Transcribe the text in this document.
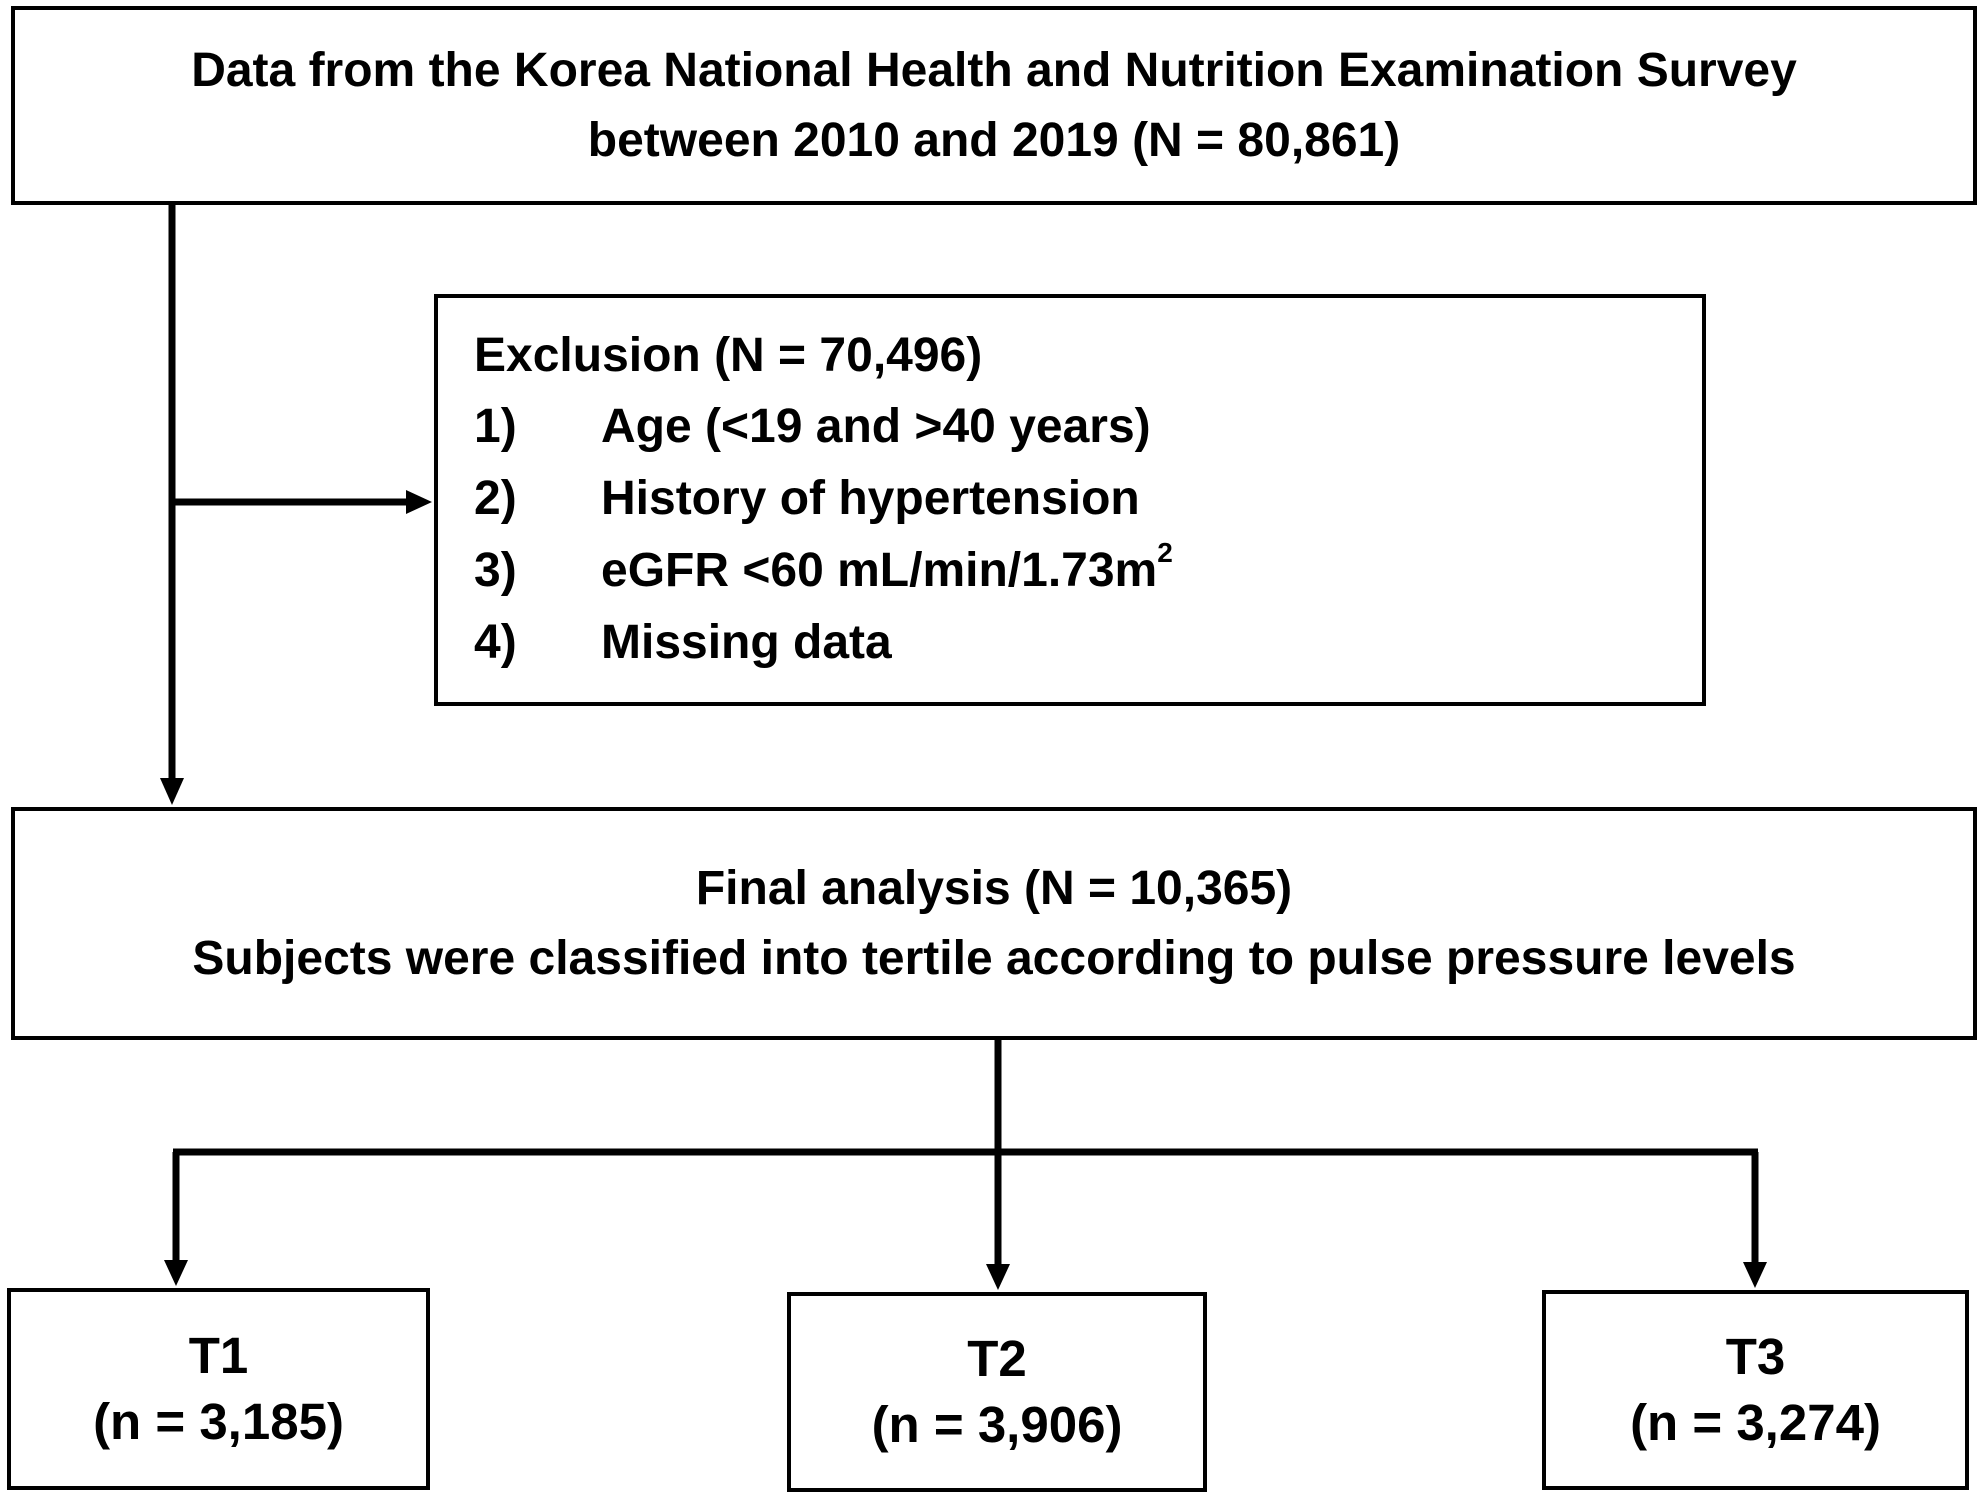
Data from the Korea National Health and Nutrition Examination Survey
between 2010 and 2019 (N = 80,861)
Exclusion (N = 70,496)
1) Age (<19 and >40 years)
2) History of hypertension
3) eGFR <60 $mL/\min/1.73m^2$
4) Missing data
Final analysis (N = 10,365)
Subjects were classified into tertile according to pulse pressure levels
T1
(n = 3,185)
T2
(n = 3,906)
T3
(n = 3,274)
